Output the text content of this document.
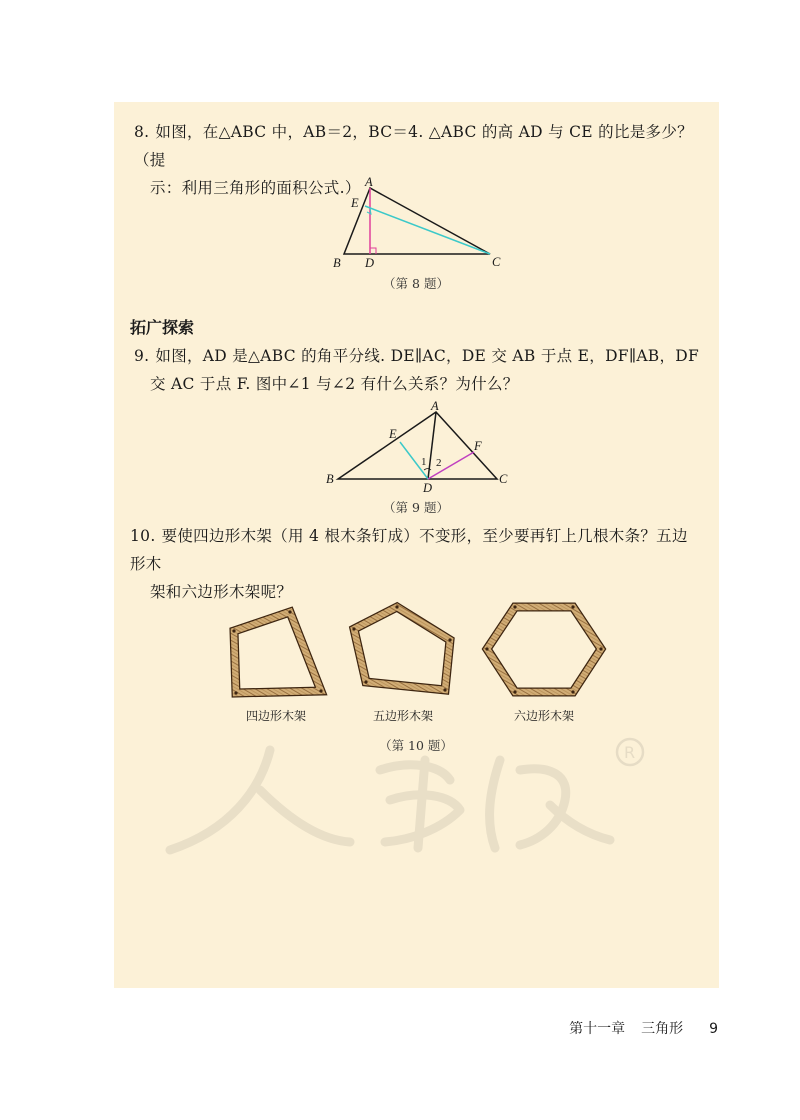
8. 如图，在△ABC 中，AB＝2，BC＝4. △ABC 的高 AD 与 CE 的比是多少？（提
示：利用三角形的面积公式.） A
E
B D	C
（第 8 题）
拓广探索
9. 如图，AD 是△ABC 的角平分线. DE∥AC，DE 交 AB 于点 E，DF∥AB，DF
交 AC 于点 F. 图中∠1 与∠2 有什么关系？为什么？
1 2
A
E
F
B
D
C
（第 9 题）
10. 要使四边形木架（用 4 根木条钉成）不变形，至少要再钉上几根木条？五边形木
架和六边形木架呢？
四边形木架	五边形木架	六边形木架
（第 10 题）	R
第十一章 三角形 9
